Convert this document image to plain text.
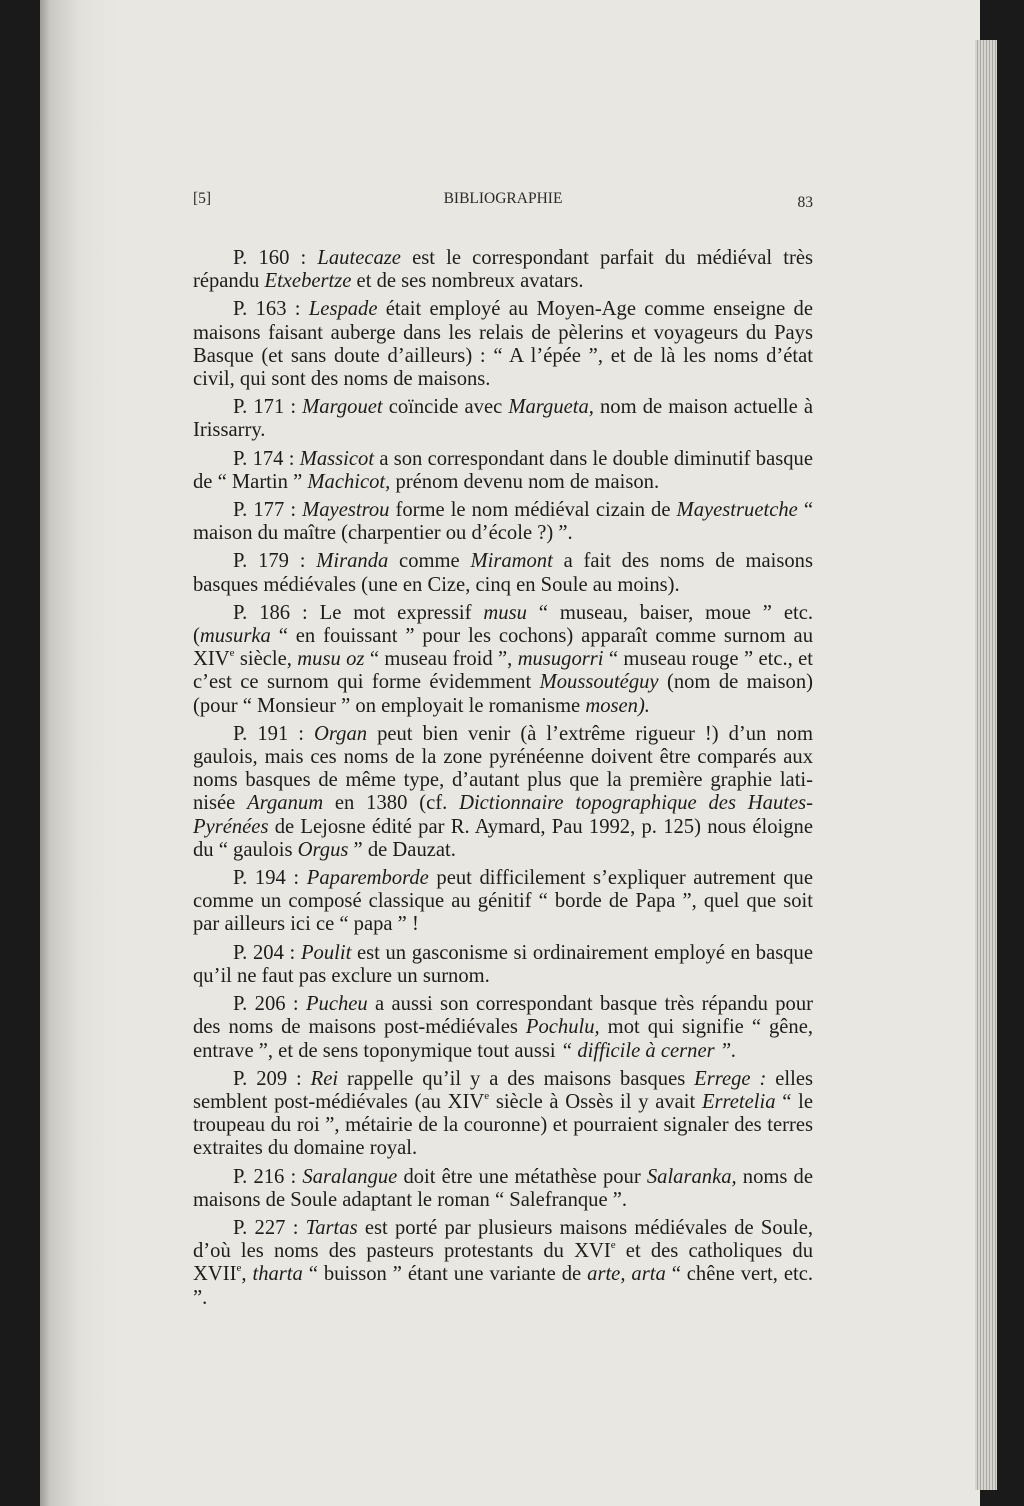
[5]	BIBLIOGRAPHIE	83

P. 160 : Lautecaze est le correspondant parfait du médiéval très répandu Etxebertze et de ses nombreux avatars.

P. 163 : Lespade était employé au Moyen-Age comme enseigne de maisons faisant auberge dans les relais de pèlerins et voyageurs du Pays Basque (et sans doute d’ailleurs) : “ A l’épée ”, et de là les noms d’état civil, qui sont des noms de maisons.

P. 171 : Margouet coïncide avec Margueta, nom de maison actuelle à Irissarry.

P. 174 : Massicot a son correspondant dans le double diminutif basque de “ Martin ” Machicot, prénom devenu nom de maison.

P. 177 : Mayestrou forme le nom médiéval cizain de Mayestruetche “ maison du maître (charpentier ou d’école ?) ”.

P. 179 : Miranda comme Miramont a fait des noms de maisons basques médiévales (une en Cize, cinq en Soule au moins).

P. 186 : Le mot expressif musu “ museau, baiser, moue ” etc. (musurka “ en fouissant ” pour les cochons) apparaît comme surnom au XIVe siècle, musu oz “ museau froid ”, musugorri “ museau rouge ” etc., et c’est ce surnom qui forme évidemment Moussoutéguy (nom de maison) (pour “ Monsieur ” on employait le romanisme mosen).

P. 191 : Organ peut bien venir (à l’extrême rigueur !) d’un nom gaulois, mais ces noms de la zone pyrénéenne doivent être comparés aux noms basques de même type, d’autant plus que la première graphie latinisée Arganum en 1380 (cf. Dictionnaire topographique des Hautes-Pyrénées de Lejosne édité par R. Aymard, Pau 1992, p. 125) nous éloigne du “ gaulois Orgus ” de Dauzat.

P. 194 : Paparemborde peut difficilement s’expliquer autrement que comme un composé classique au génitif “ borde de Papa ”, quel que soit par ailleurs ici ce “ papa ” !

P. 204 : Poulit est un gasconisme si ordinairement employé en basque qu’il ne faut pas exclure un surnom.

P. 206 : Pucheu a aussi son correspondant basque très répandu pour des noms de maisons post-médiévales Pochulu, mot qui signifie “ gêne, entrave ”, et de sens toponymique tout aussi “ difficile à cerner ”.

P. 209 : Rei rappelle qu’il y a des maisons basques Errege : elles semblent post-médiévales (au XIVe siècle à Ossès il y avait Erretelia “ le troupeau du roi ”, métairie de la couronne) et pourraient signaler des terres extraites du domaine royal.

P. 216 : Saralangue doit être une métathèse pour Salaranka, noms de maisons de Soule adaptant le roman “ Salefranque ”.

P. 227 : Tartas est porté par plusieurs maisons médiévales de Soule, d’où les noms des pasteurs protestants du XVIe et des catholiques du XVIIe, tharta “ buisson ” étant une variante de arte, arta “ chêne vert, etc. ”.
